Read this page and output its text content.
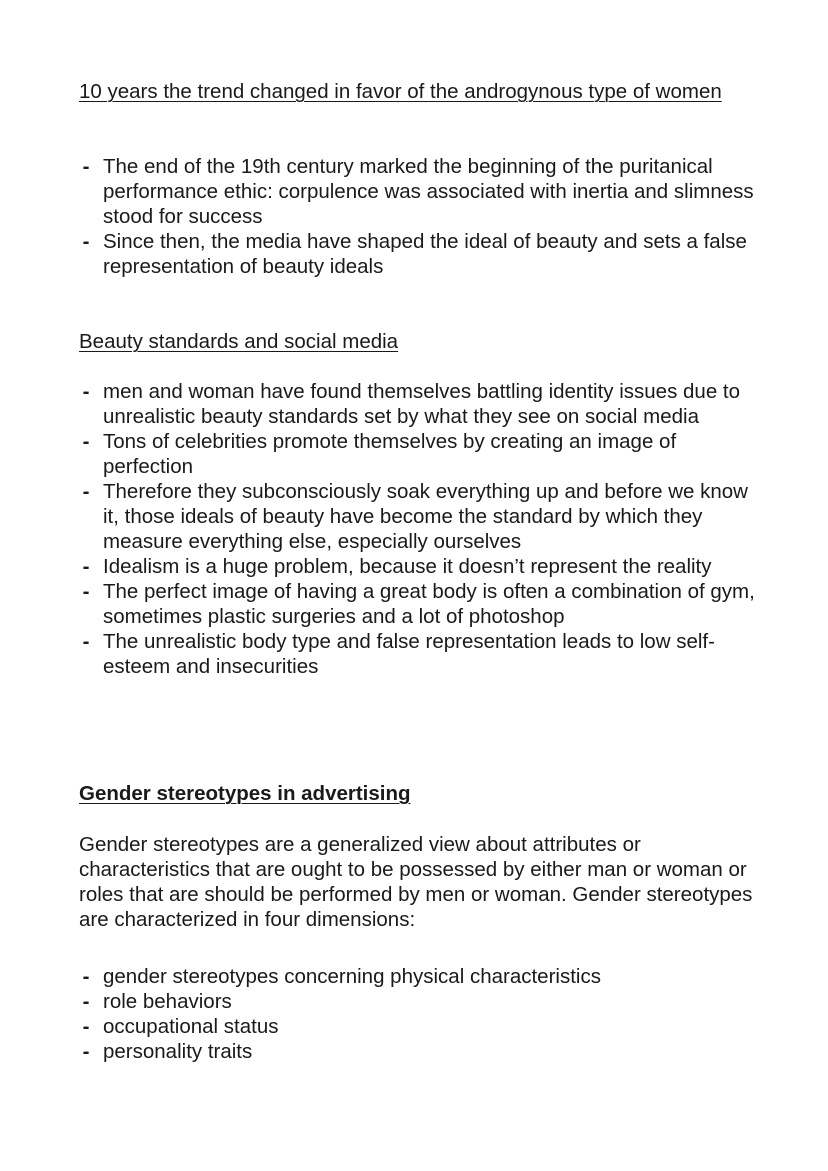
10 years the trend changed in favor of the androgynous type of women
- The end of the 19th century marked the beginning of the puritanical performance ethic: corpulence was associated with inertia and slimness stood for success
- Since then, the media have shaped the ideal of beauty and sets a false representation of beauty ideals
Beauty standards and social media
- men and woman have found themselves battling identity issues due to unrealistic beauty standards set by what they see on social media
- Tons of celebrities promote themselves by creating an image of perfection
- Therefore they subconsciously soak everything up and before we know it, those ideals of beauty have become the standard by which they measure everything else, especially ourselves
- Idealism is a huge problem, because it doesn’t represent the reality
- The perfect image of having a great body is often a combination of gym, sometimes plastic surgeries and a lot of photoshop
- The unrealistic body type and false representation leads to low self-esteem and insecurities
Gender stereotypes in advertising

Gender stereotypes are a generalized view about attributes or characteristics that are ought to be possessed by either man or woman or roles that are should be performed by men or woman. Gender stereotypes are characterized in four dimensions:

- gender stereotypes concerning physical characteristics
- role behaviors
- occupational status
- personality traits
